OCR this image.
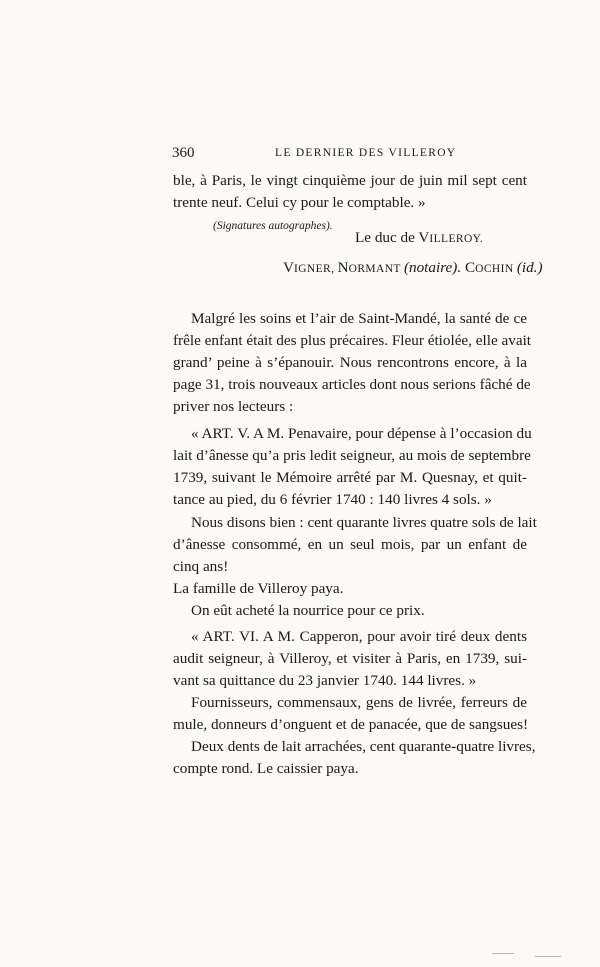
360	LE DERNIER DES VILLEROY
ble, à Paris, le vingt cinquième jour de juin mil sept cent
trente neuf. Celui cy pour le comptable. »
(Signatures autographes).
Le duc de VILLEROY.
VIGNER, NORMANT (notaire). COCHIN (id.)
Malgré les soins et l’air de Saint-Mandé, la santé de ce
frêle enfant était des plus précaires. Fleur étiolée, elle avait
grand’ peine à s’épanouir. Nous rencontrons encore, à la
page 31, trois nouveaux articles dont nous serions fâché de
priver nos lecteurs :
« ART. V. A M. Penavaire, pour dépense à l’occasion du
lait d’ânesse qu’a pris ledit seigneur, au mois de septembre
1739, suivant le Mémoire arrêté par M. Quesnay, et quit-
tance au pied, du 6 février 1740 : 140 livres 4 sols. »
Nous disons bien : cent quarante livres quatre sols de lait
d’ânesse consommé, en un seul mois, par un enfant de
cinq ans!
La famille de Villeroy paya.
On eût acheté la nourrice pour ce prix.
« ART. VI. A M. Capperon, pour avoir tiré deux dents
audit seigneur, à Villeroy, et visiter à Paris, en 1739, sui-
vant sa quittance du 23 janvier 1740. 144 livres. »
Fournisseurs, commensaux, gens de livrée, ferreurs de
mule, donneurs d’onguent et de panacée, que de sangsues!
Deux dents de lait arrachées, cent quarante-quatre livres,
compte rond. Le caissier paya.
